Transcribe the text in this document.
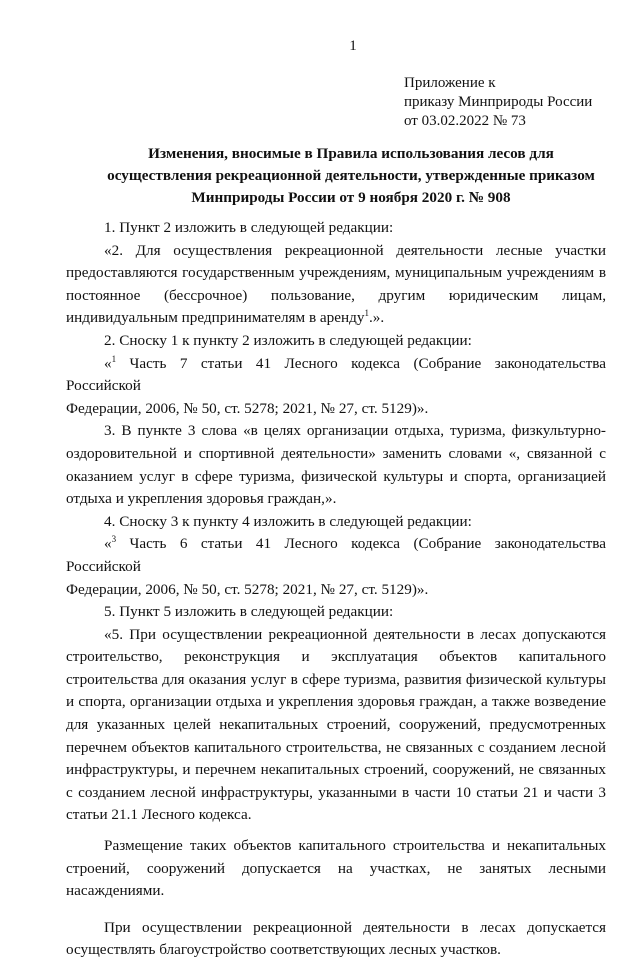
1
Приложение к
приказу Минприроды России
от 03.02.2022 № 73
Изменения, вносимые в Правила использования лесов для
осуществления рекреационной деятельности, утвержденные приказом
Минприроды России от 9 ноября 2020 г. № 908

1. Пункт 2 изложить в следующей редакции:

«2. Для осуществления рекреационной деятельности лесные участки
предоставляются государственным учреждениям, муниципальным учреждениям в
постоянное (бессрочное) пользование, другим юридическим лицам,
индивидуальным предпринимателям в аренду$^1$.».

2. Сноску 1 к пункту 2 изложить в следующей редакции:

«$^1$ Часть 7 статьи 41 Лесного кодекса (Собрание законодательства Российской
Федерации, 2006, № 50, ст. 5278; 2021, № 27, ст. 5129)».

3. В пункте 3 слова «в целях организации отдыха, туризма, физкультурно-
оздоровительной и спортивной деятельности» заменить словами «, связанной с
оказанием услуг в сфере туризма, физической культуры и спорта, организацией
отдыха и укрепления здоровья граждан,».

4. Сноску 3 к пункту 4 изложить в следующей редакции:

«$^3$ Часть 6 статьи 41 Лесного кодекса (Собрание законодательства Российской
Федерации, 2006, № 50, ст. 5278; 2021, № 27, ст. 5129)».

5. Пункт 5 изложить в следующей редакции:

«5. При осуществлении рекреационной деятельности в лесах допускаются
строительство, реконструкция и эксплуатация объектов капитального
строительства для оказания услуг в сфере туризма, развития физической культуры
и спорта, организации отдыха и укрепления здоровья граждан, а также возведение
для указанных целей некапитальных строений, сооружений, предусмотренных
перечнем объектов капитального строительства, не связанных с созданием лесной
инфраструктуры, и перечнем некапитальных строений, сооружений, не связанных
с созданием лесной инфраструктуры, указанными в части 10 статьи 21 и части 3
статьи 21.1 Лесного кодекса.

Размещение таких объектов капитального строительства и некапитальных
строений, сооружений допускается на участках, не занятых лесными
насаждениями.

При осуществлении рекреационной деятельности в лесах допускается
осуществлять благоустройство соответствующих лесных участков.
